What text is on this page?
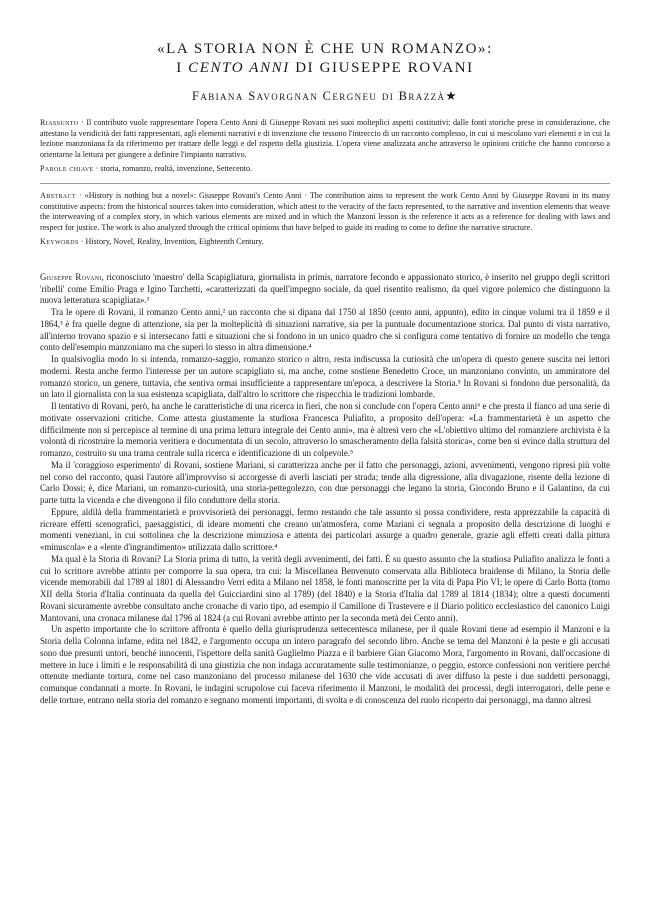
«LA STORIA NON È CHE UN ROMANZO»:
I CENTO ANNI DI GIUSEPPE ROVANI
Fabiana Savorgnan Cergneu di Brazzà★

Riassunto · Il contributo vuole rappresentare l'opera Cento Anni di Giuseppe Rovani nei suoi molteplici aspetti costitutivi: dalle fonti storiche prese in considerazione, che attestano la veridicità dei fatti rappresentati, agli elementi narrativi e di invenzione che tessono l'intreccio di un racconto complesso, in cui si mescolano vari elementi e in cui la lezione manzoniana fa da riferimento per trattare delle leggi e del rispetto della giustizia. L'opera viene analizzata anche attraverso le opinioni critiche che hanno concorso a orientarne la lettura per giungere a definire l'impianto narrativo.

Parole chiave · storia, romanzo, realtà, invenzione, Settecento.

Abstract · «History is nothing but a novel»: Giuseppe Rovani's Cento Anni · The contribution aims to represent the work Cento Anni by Giuseppe Rovani in its many constitutive aspects: from the historical sources taken into consideration, which attest to the veracity of the facts represented, to the narrative and invention elements that weave the interweaving of a complex story, in which various elements are mixed and in which the Manzoni lesson is the reference it acts as a reference for dealing with laws and respect for justice. The work is also analyzed through the critical opinions that have helped to guide its reading to come to define the narrative structure.

Keywords · History, Novel, Reality, Invention, Eighteenth Century.

Giuseppe Rovani, riconosciuto 'maestro' della Scapigliatura, giornalista in primis, narratore fecondo e appassionato storico, è inserito nel gruppo degli scrittori 'ribelli' come Emilio Praga e Igino Tarchetti, «caratterizzati da quell'impegno sociale, da quel risentito realismo, da quel vigore polemico che distinguono la nuova letteratura scapigliata».¹

Tra le opere di Rovani, il romanzo Cento anni,² un racconto che si dipana dal 1750 al 1850 (cento anni, appunto), edito in cinque volumi tra il 1859 e il 1864,³ è fra quelle degne di attenzione, sia per la molteplicità di situazioni narrative, sia per la puntuale documentazione storica. Dal punto di vista narrativo, all'interno trovano spazio e si intersecano fatti e situazioni che si fondono in un unico quadro che si configura come tentativo di fornire un modello che tenga conto dell'esempio manzoniano ma che superi lo stesso in altra dimensione.⁴

In qualsivoglia modo lo si intenda, romanzo-saggio, romanzo storico o altro, resta indiscussa la curiosità che un'opera di questo genere suscita nei lettori moderni. Resta anche fermo l'interesse per un autore scapigliato si, ma anche, come sostiene Benedetto Croce, un manzoniano convinto, un ammiratore del romanzo storico, un genere, tuttavia, che sentiva ormai insufficiente a rappresentare un'epoca, a descrivere la Storia.⁵ In Rovani si fondono due personalità, da un lato il giornalista con la sua esistenza scapigliata, dall'altro lo scrittore che rispecchia le tradizioni lombarde.

Il tentativo di Rovani, però, ha anche le caratteristiche di una ricerca in fieri, che non si conclude con l'opera Cento anni⁶ e che presta il fianco ad una serie di motivate osservazioni critiche. Come attesta giustamente la studiosa Francesca Puliafito, a proposito dell'opera: «La frammentarietà è un aspetto che difficilmente non si percepisce al termine di una prima lettura integrale dei Cento anni», ma è altresì vero che «L'obiettivo ultimo del romanziere archivista è la volontà di ricostruire la memoria veritiera e documentata di un secolo, attraverso lo smascheramento della falsità storica», come ben si evince dalla struttura del romanzo, costruito su una trama centrale sulla ricerca e identificazione di un colpevole.⁵

Ma il 'coraggioso esperimento' di Rovani, sostiene Mariani, si caratterizza anche per il fatto che personaggi, azioni, avvenimenti, vengono ripresi più volte nel corso del racconto, quasi l'autore all'improvviso si accorgesse di averli lasciati per strada; tende alla digressione, alla divagazione, risente della lezione di Carlo Dossi; è, dice Mariani, un romanzo-curiosità, una storia-pettegolezzo, con due personaggi che legano la storia, Giocondo Bruno e il Galantino, da cui parte tutta la vicenda e che divengono il filo conduttore della storia.

Eppure, aldilà della frammentarietà e provvisorietà dei personaggi, fermo restando che tale assunto si possa condividere, resta apprezzabile la capacità di ricreare effetti scenografici, paesaggistici, di ideare momenti che creano un'atmosfera, come Mariani ci segnala a proposito della descrizione di luoghi e momenti veneziani, in cui sottolinea che la descrizione minuziosa e attenta dei particolari assurge a quadro generale, grazie agli effetti creati dalla pittura «minuscola» e a «lente d'ingrandimento» utilizzata dallo scrittore.⁴

Ma qual è la Storia di Rovani? La Storia prima di tutto, la verità degli avvenimenti, dei fatti. È su questo assunto che la studiosa Puliafito analizza le fonti a cui lo scrittore avrebbe attinto per comporre la sua opera, tra cui: la Miscellanea Benvenuto conservata alla Biblioteca braidense di Milano, la Storia delle vicende memorabili dal 1789 al 1801 di Alessandro Verri edita a Milano nel 1858, le fonti manoscritte per la vita di Papa Pio VI; le opere di Carlo Botta (tomo XII della Storia d'Italia continuata da quella del Guicciardini sino al 1789) (del 1840) e la Storia d'Italia dal 1789 al 1814 (1834); oltre a questi documenti Rovani sicuramente avrebbe consultato anche cronache di vario tipo, ad esempio il Camillone di Trastevere e il Diario politico ecclesiastico del canonico Luigi Mantovani, una cronaca milanese dal 1796 al 1824 (a cui Rovani avrebbe attinto per la seconda metà dei Cento anni).

Un aspetto importante che lo scrittore affronta è quello della giurisprudenza settecentesca milanese, per il quale Rovani tiene ad esempio il Manzoni e la Storia della Colonna infame, edita nel 1842, e l'argomento occupa un intero paragrafo del secondo libro. Anche se tema del Manzoni è la peste e gli accusati sono due presunti untori, benché innocenti, l'ispettore della sanità Guglielmo Piazza e il barbiere Gian Giacomo Mora, l'argomento in Rovani, dall'occasione di mettere in luce i limiti e le responsabilità di una giustizia che non indaga accuratamente sulle testimonianze, o peggio, estorce confessioni non veritiere perché ottenute mediante tortura, come nel caso manzoniano del processo milanese del 1630 che vide accusati di aver diffuso la peste i due suddetti personaggi, comunque condannati a morte. In Rovani, le indagini scrupolose cui faceva riferimento il Manzoni, le modalità dei processi, degli interrogatori, delle pene e delle torture, entrano nella storia del romanzo e segnano momenti importanti, di svolta e di conoscenza del ruolo ricoperto dai personaggi, ma danno altresì
